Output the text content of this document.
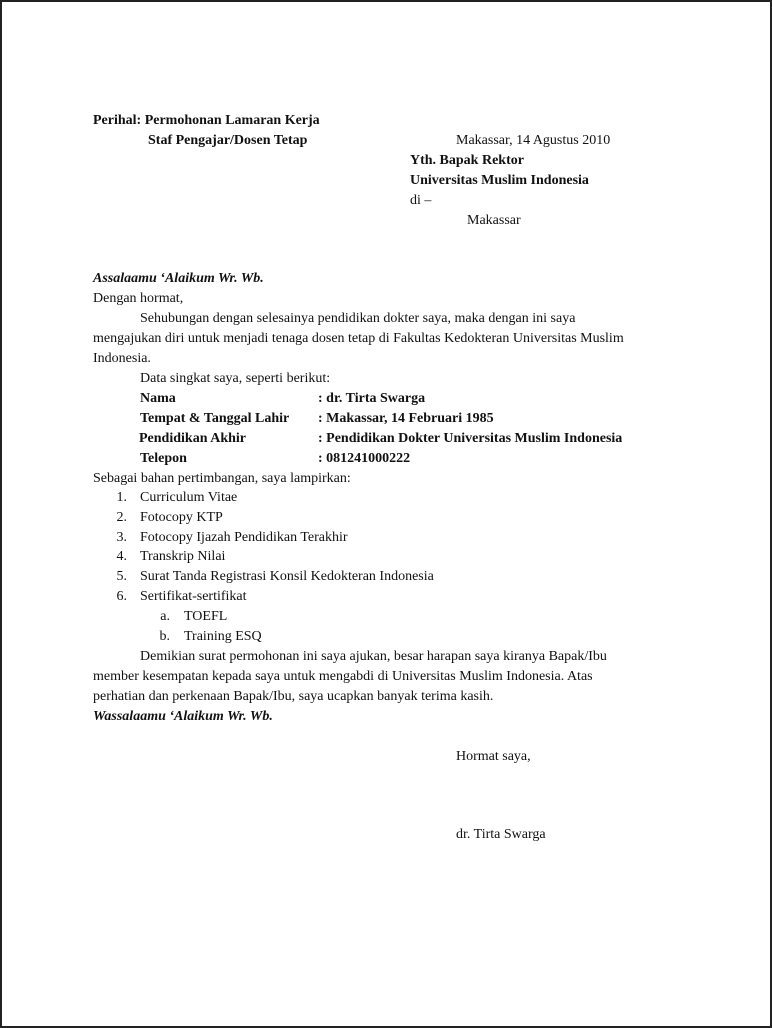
Perihal: Permohonan Lamaran Kerja
Staf Pengajar/Dosen Tetap	Makassar, 14 Agustus 2010
Yth. Bapak Rektor
Universitas Muslim Indonesia
di –
Makassar
Assalaamu ‘Alaikum Wr. Wb.
Dengan hormat,
Sehubungan dengan selesainya pendidikan dokter saya, maka dengan ini saya
mengajukan diri untuk menjadi tenaga dosen tetap di Fakultas Kedokteran Universitas Muslim
Indonesia.
Data singkat saya, seperti berikut:
Nama	: dr. Tirta Swarga
Tempat & Tanggal Lahir : Makassar, 14 Februari 1985
Pendidikan Akhir	: Pendidikan Dokter Universitas Muslim Indonesia
Telepon	: 081241000222
Sebagai bahan pertimbangan, saya lampirkan:
1. Curriculum Vitae
2. Fotocopy KTP
3. Fotocopy Ijazah Pendidikan Terakhir
4. Transkrip Nilai
5. Surat Tanda Registrasi Konsil Kedokteran Indonesia
6. Sertifikat-sertifikat
a. TOEFL
b. Training ESQ
Demikian surat permohonan ini saya ajukan, besar harapan saya kiranya Bapak/Ibu
member kesempatan kepada saya untuk mengabdi di Universitas Muslim Indonesia. Atas
perhatian dan perkenaan Bapak/Ibu, saya ucapkan banyak terima kasih.
Wassalaamu ‘Alaikum Wr. Wb.
Hormat saya,
dr. Tirta Swarga
